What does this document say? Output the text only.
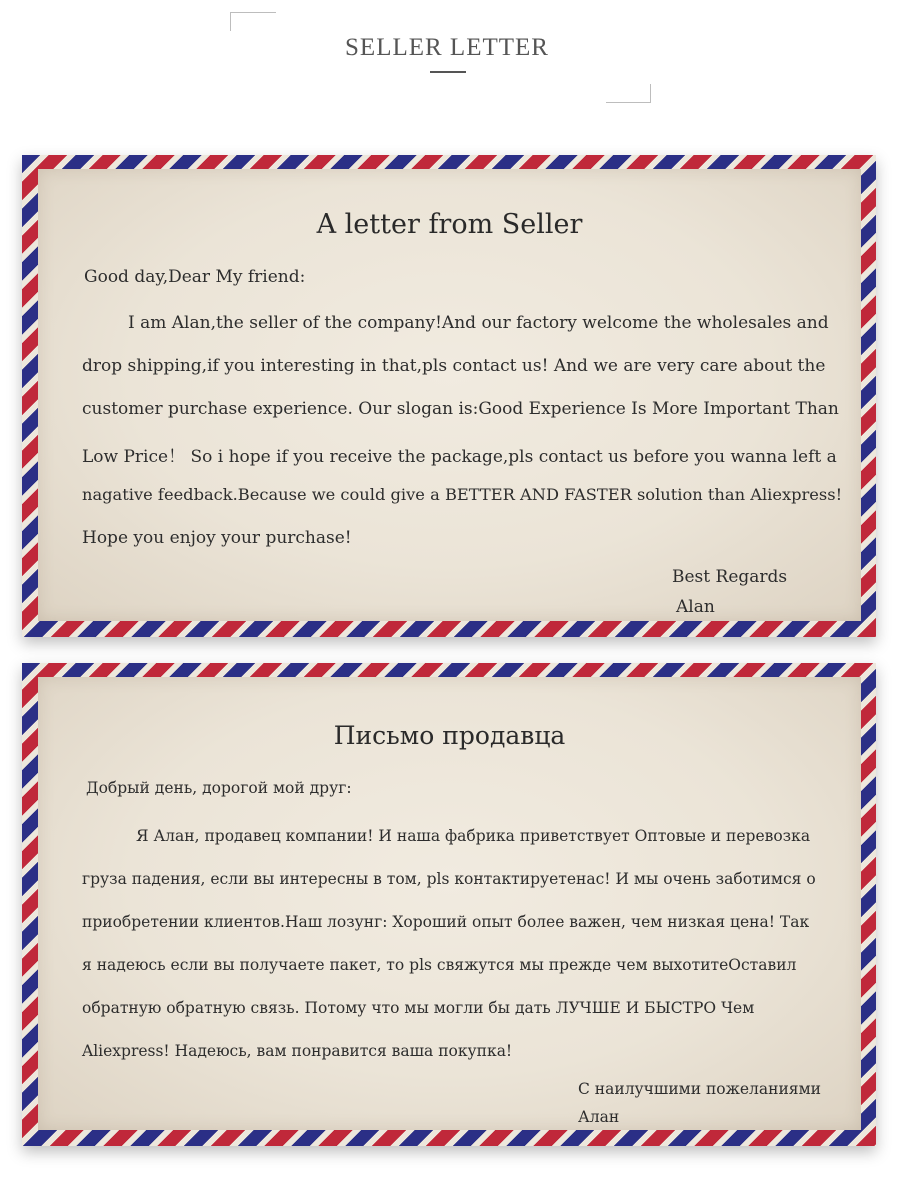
SELLER LETTER
A letter from Seller
Good day,Dear My friend:
I am Alan,the seller of the company!And our factory welcome the wholesales and
drop shipping,if you interesting in that,pls contact us! And we are very care about the
customer purchase experience. Our slogan is:Good Experience Is More Important Than
Low Price！ So i hope if you receive the package,pls contact us before you wanna left a
nagative feedback.Because we could give a BETTER AND FASTER solution than Aliexpress!
Hope you enjoy your purchase!
Best Regards
Alan
Письмо продавца
Добрый день, дорогой мой друг:
Я Алан, продавец компании! И наша фабрика приветствует Оптовые и перевозка
груза падения, если вы интересны в том, pls контактируетенас! И мы очень заботимся о
приобретении клиентов.Наш лозунг: Хороший опыт более важен, чем низкая цена! Так
я надеюсь если вы получаете пакет, то pls свяжутся мы прежде чем выхотитеОставил
обратную обратную связь. Потому что мы могли бы дать ЛУЧШЕ И БЫСТРО Чем
Aliexpress! Надеюсь, вам понравится ваша покупка!
С наилучшими пожеланиями
Алан
